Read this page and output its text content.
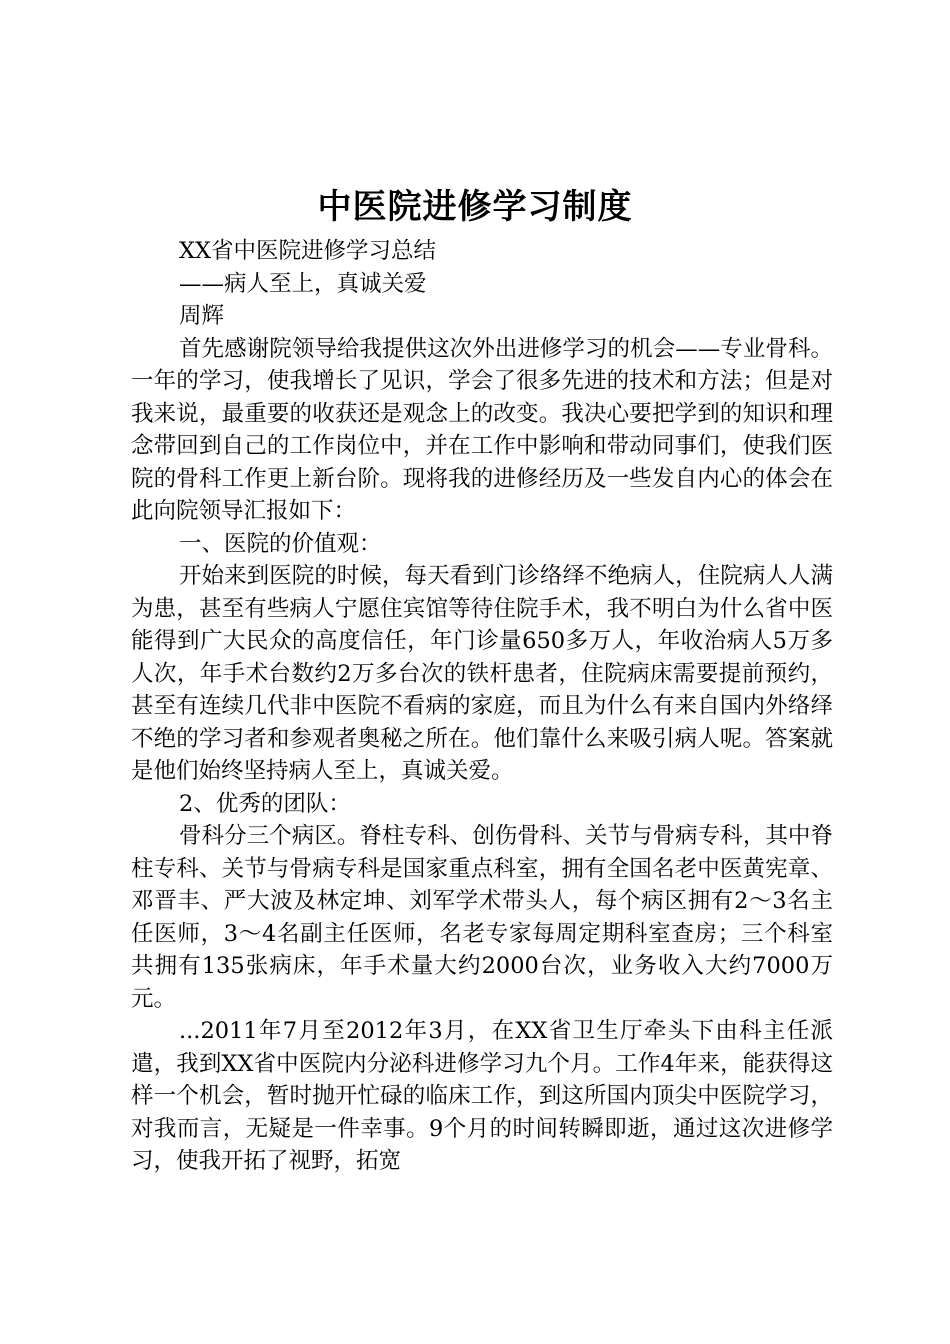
中医院进修学习制度

XX省中医院进修学习总结

——病人至上，真诚关爱

周辉

首先感谢院领导给我提供这次外出进修学习的机会——专业骨科。一年的学习，使我增长了见识，学会了很多先进的技术和方法；但是对我来说，最重要的收获还是观念上的改变。我决心要把学到的知识和理念带回到自己的工作岗位中，并在工作中影响和带动同事们，使我们医院的骨科工作更上新台阶。现将我的进修经历及一些发自内心的体会在此向院领导汇报如下：

一、医院的价值观：

开始来到医院的时候，每天看到门诊络绎不绝病人，住院病人人满为患，甚至有些病人宁愿住宾馆等待住院手术，我不明白为什么省中医能得到广大民众的高度信任，年门诊量650多万人，年收治病人5万多人次，年手术台数约2万多台次的铁杆患者，住院病床需要提前预约，甚至有连续几代非中医院不看病的家庭，而且为什么有来自国内外络绎不绝的学习者和参观者奥秘之所在。他们靠什么来吸引病人呢。答案就是他们始终坚持病人至上，真诚关爱。

2、优秀的团队：

骨科分三个病区。脊柱专科、创伤骨科、关节与骨病专科，其中脊柱专科、关节与骨病专科是国家重点科室，拥有全国名老中医黄宪章、邓晋丰、严大波及林定坤、刘军学术带头人，每个病区拥有2～3名主任医师，3～4名副主任医师，名老专家每周定期科室查房；三个科室共拥有135张病床，年手术量大约2000台次，业务收入大约7000万元。

...2011年7月至2012年3月，在XX省卫生厅牵头下由科主任派遣，我到XX省中医院内分泌科进修学习九个月。工作4年来，能获得这样一个机会，暂时抛开忙碌的临床工作，到这所国内顶尖中医院学习，对我而言，无疑是一件幸事。9个月的时间转瞬即逝，通过这次进修学习，使我开拓了视野，拓宽
